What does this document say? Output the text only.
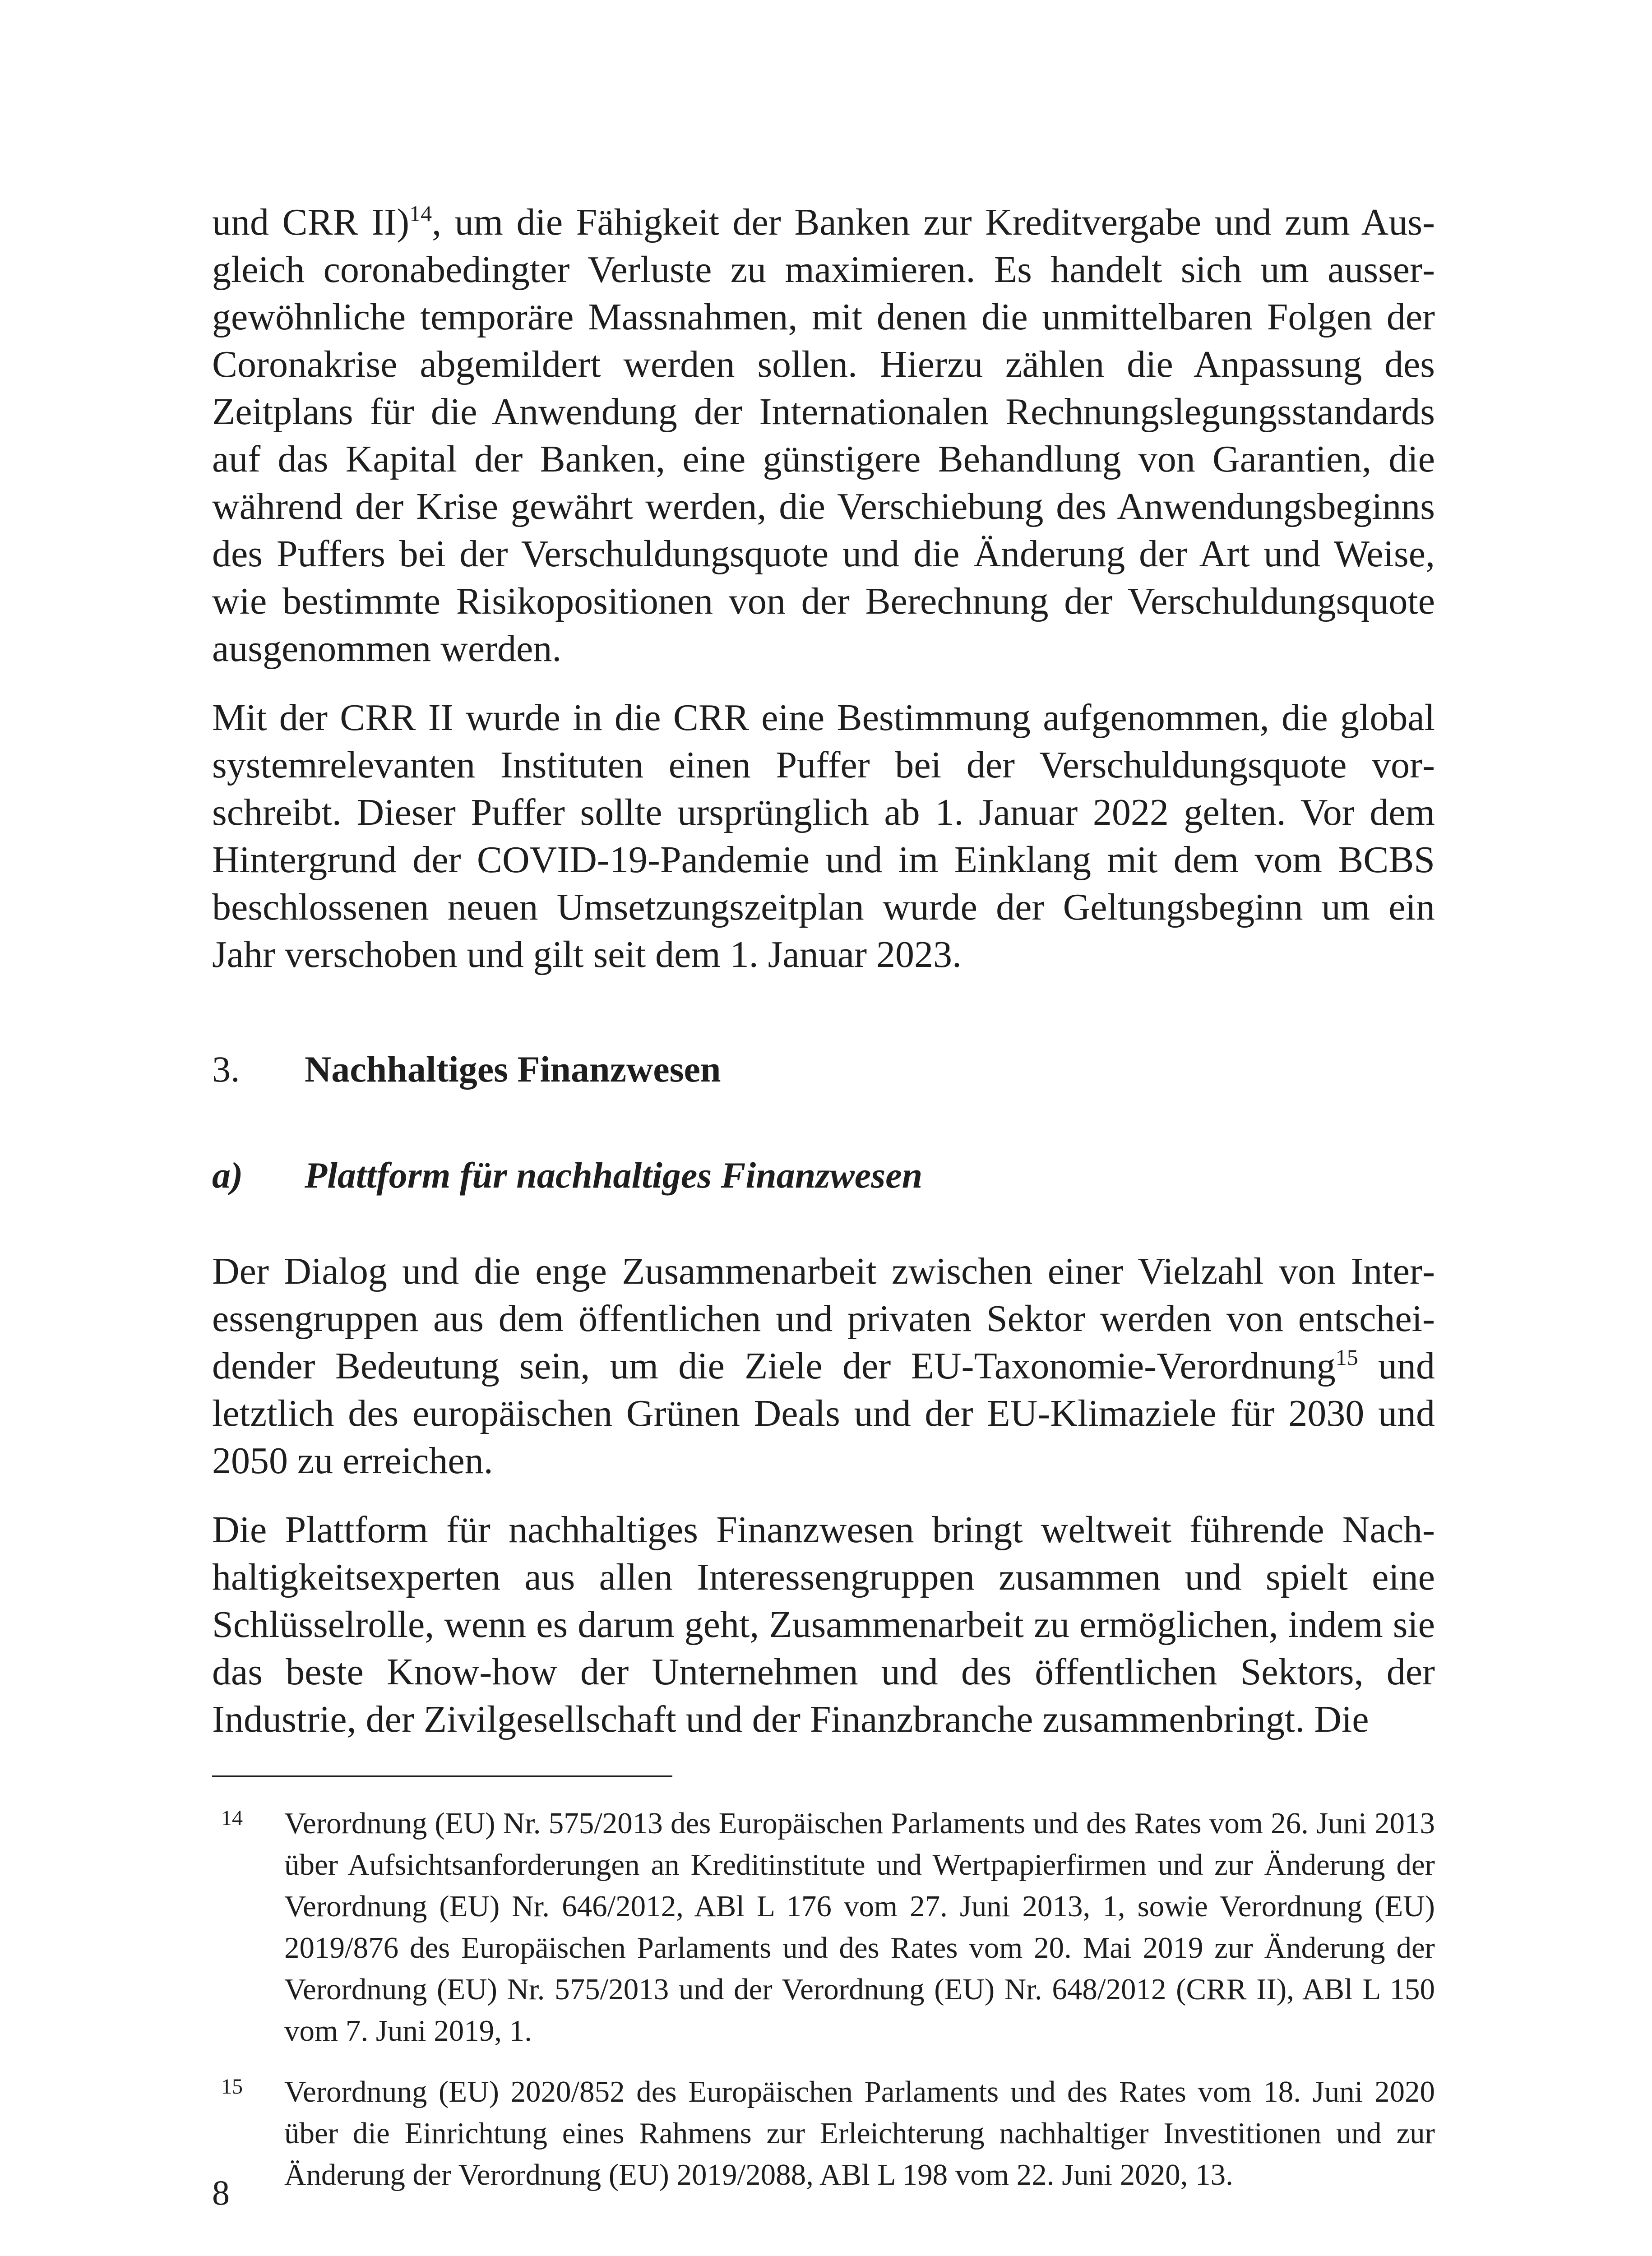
und CRR II)$^{14}$, um die Fähigkeit der Banken zur Kreditvergabe und zum Ausgleich coronabedingter Verluste zu maximieren. Es handelt sich um aussergewöhnliche temporäre Massnahmen, mit denen die unmittelbaren Folgen der Coronakrise abgemildert werden sollen. Hierzu zählen die Anpassung des Zeitplans für die Anwendung der Internationalen Rechnungslegungsstandards auf das Kapital der Banken, eine günstigere Behandlung von Garantien, die während der Krise gewährt werden, die Verschiebung des Anwendungsbeginns des Puffers bei der Verschuldungsquote und die Änderung der Art und Weise, wie bestimmte Risikopositionen von der Berechnung der Verschuldungsquote ausgenommen werden.

Mit der CRR II wurde in die CRR eine Bestimmung aufgenommen, die global systemrelevanten Instituten einen Puffer bei der Verschuldungsquote vorschreibt. Dieser Puffer sollte ursprünglich ab 1. Januar 2022 gelten. Vor dem Hintergrund der COVID-19-Pandemie und im Einklang mit dem vom BCBS beschlossenen neuen Umsetzungszeitplan wurde der Geltungsbeginn um ein Jahr verschoben und gilt seit dem 1. Januar 2023.

3. Nachhaltiges Finanzwesen
a) Plattform für nachhaltiges Finanzwesen

Der Dialog und die enge Zusammenarbeit zwischen einer Vielzahl von Interessengruppen aus dem öffentlichen und privaten Sektor werden von entscheidender Bedeutung sein, um die Ziele der EU-Taxonomie-Verordnung$^{15}$ und letztlich des europäischen Grünen Deals und der EU-Klimaziele für 2030 und 2050 zu erreichen.

Die Plattform für nachhaltiges Finanzwesen bringt weltweit führende Nachhaltigkeitsexperten aus allen Interessengruppen zusammen und spielt eine Schlüsselrolle, wenn es darum geht, Zusammenarbeit zu ermöglichen, indem sie das beste Know-how der Unternehmen und des öffentlichen Sektors, der Industrie, der Zivilgesellschaft und der Finanzbranche zusammenbringt. Die

14 Verordnung (EU) Nr. 575/2013 des Europäischen Parlaments und des Rates vom 26. Juni 2013 über Aufsichtsanforderungen an Kreditinstitute und Wertpapierfirmen und zur Änderung der Verordnung (EU) Nr. 646/2012, ABl L 176 vom 27. Juni 2013, 1, sowie Verordnung (EU) 2019/876 des Europäischen Parlaments und des Rates vom 20. Mai 2019 zur Änderung der Verordnung (EU) Nr. 575/2013 und der Verordnung (EU) Nr. 648/2012 (CRR II), ABl L 150 vom 7. Juni 2019, 1.
15 Verordnung (EU) 2020/852 des Europäischen Parlaments und des Rates vom 18. Juni 2020 über die Einrichtung eines Rahmens zur Erleichterung nachhaltiger Investitionen und zur Änderung der Verordnung (EU) 2019/2088, ABl L 198 vom 22. Juni 2020, 13.
8
